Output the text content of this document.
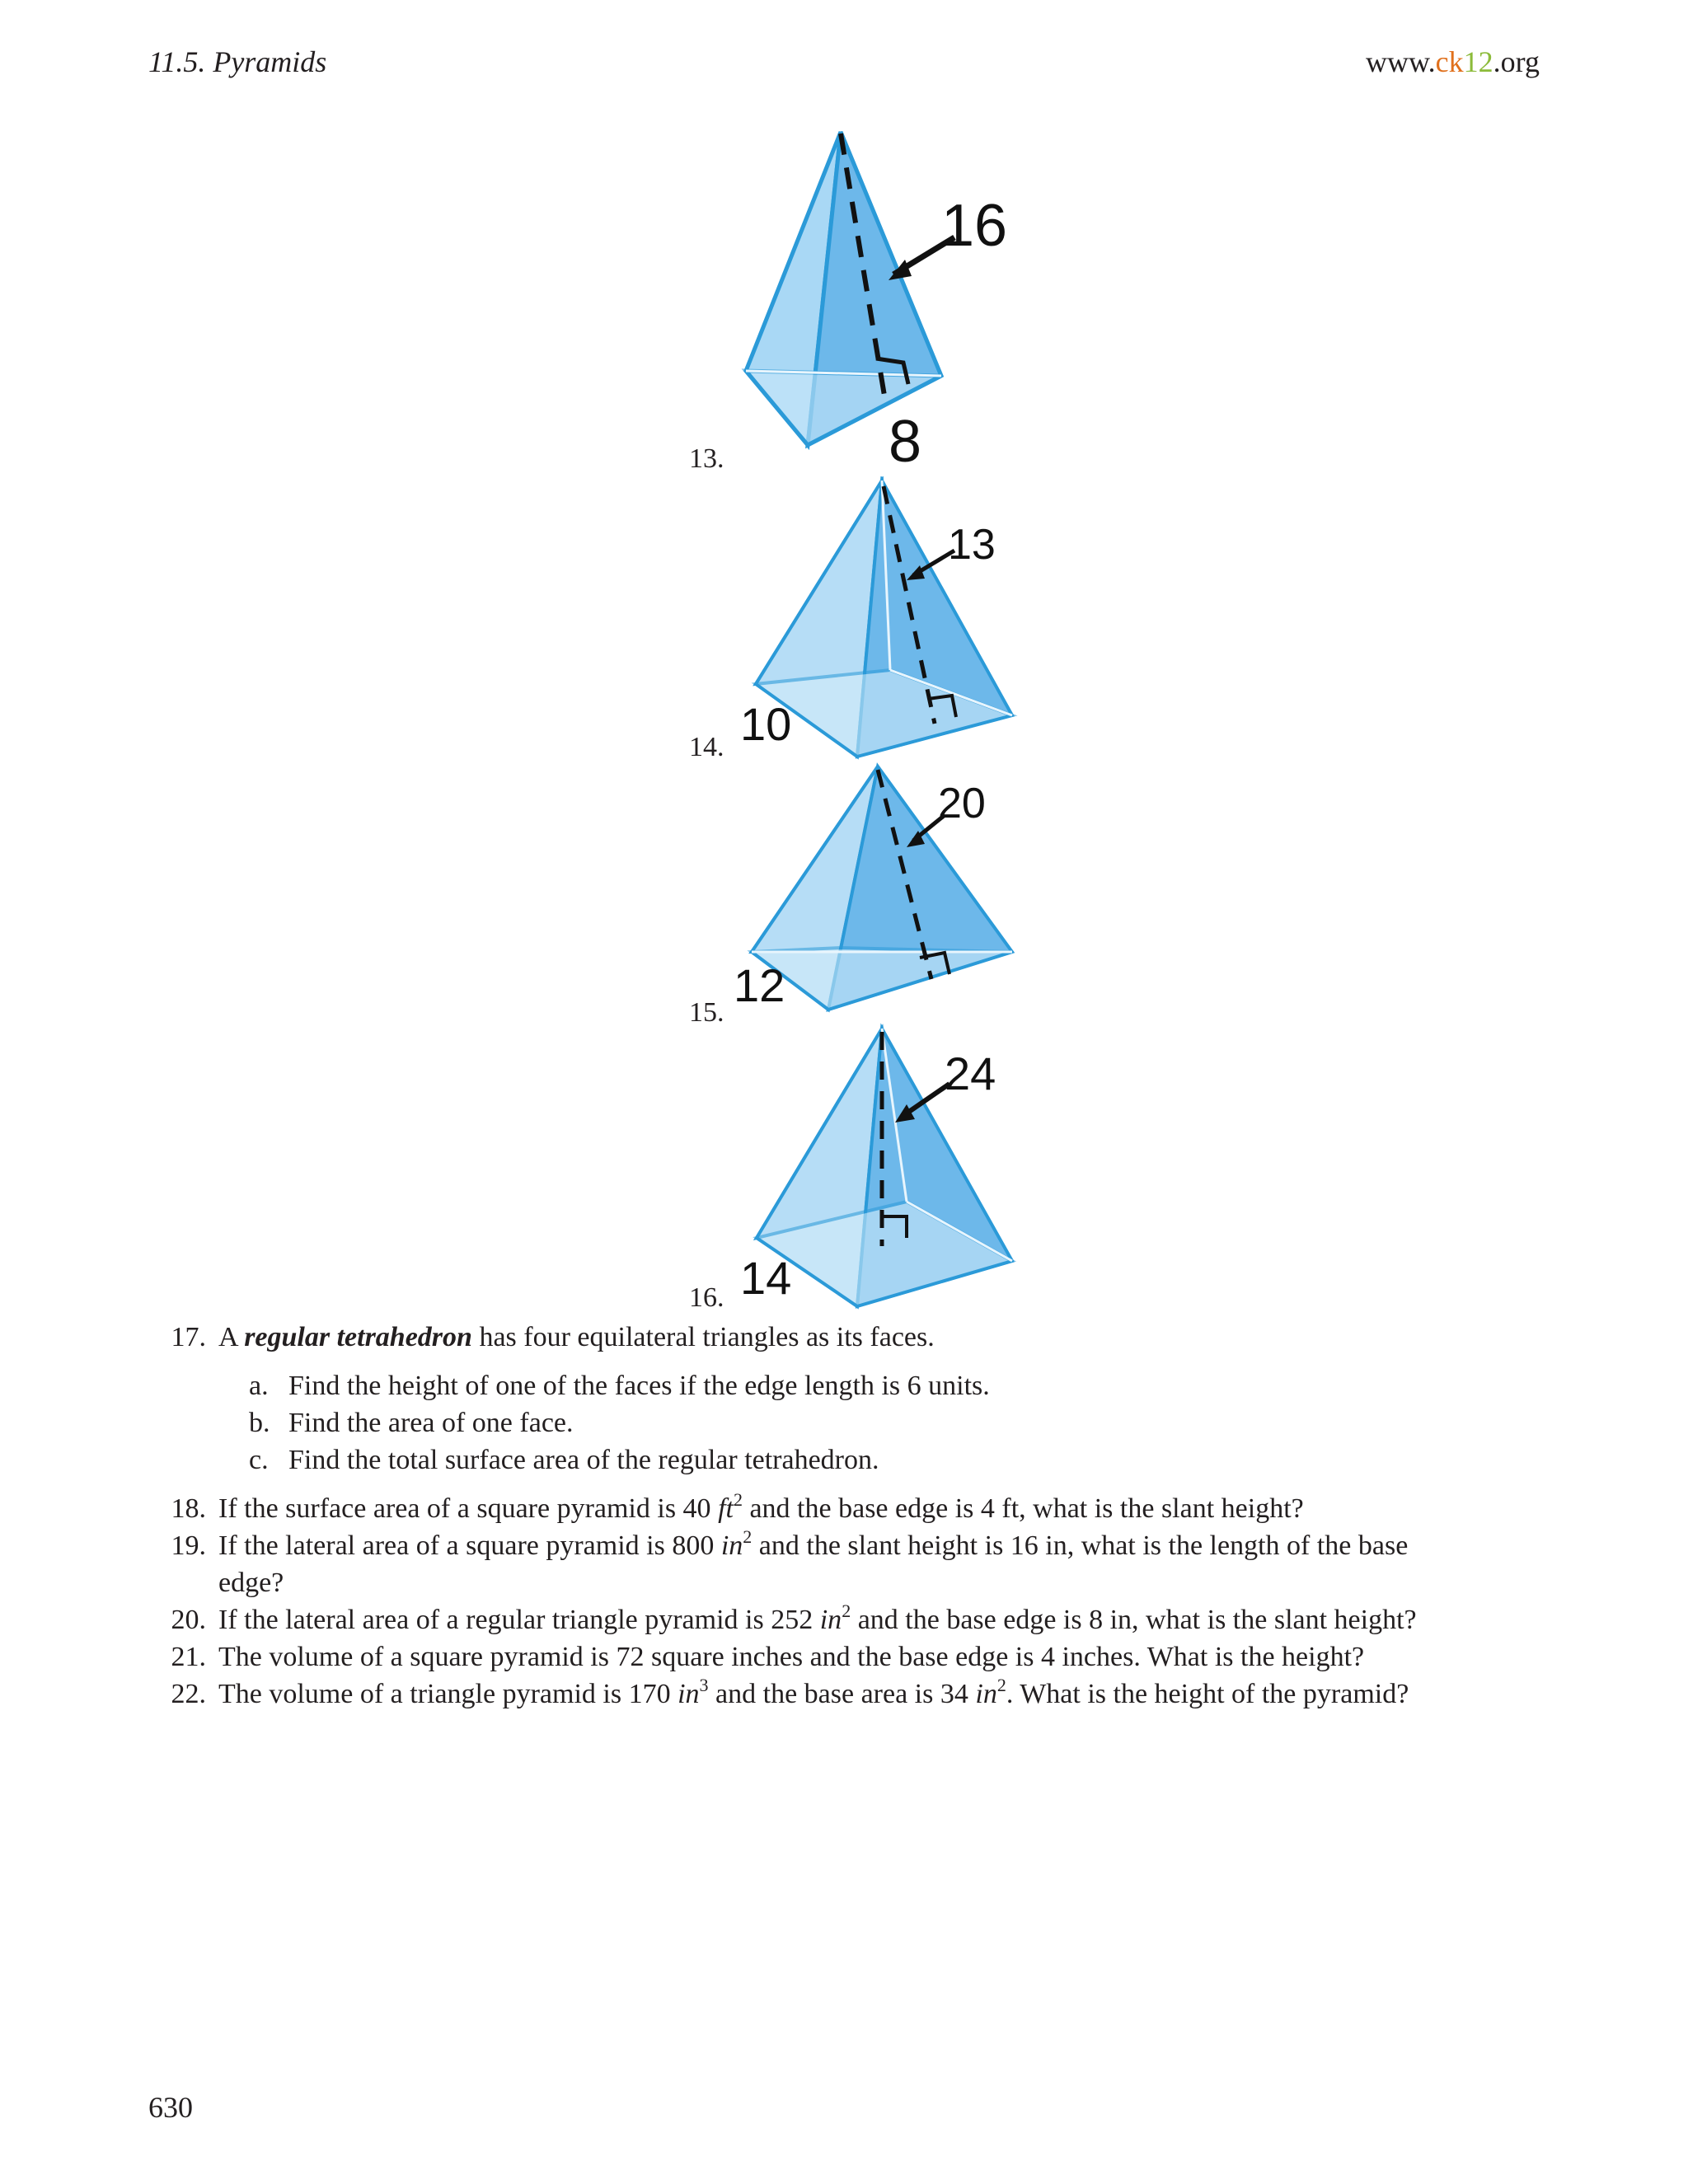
11.5. Pyramids	www.ck12.org
13.
16
8
14.
13
10
15.
20
12
16.
24
14
17. A regular tetrahedron has four equilateral triangles as its faces.
a. Find the height of one of the faces if the edge length is 6 units.
b. Find the area of one face.
c. Find the total surface area of the regular tetrahedron.
18. If the surface area of a square pyramid is 40 $ft^2$ and the base edge is 4 ft, what is the slant height?
19. If the lateral area of a square pyramid is 800 $in^2$ and the slant height is 16 in, what is the length of the base
edge?
20. If the lateral area of a regular triangle pyramid is 252 $in^2$ and the base edge is 8 in, what is the slant height?
21. The volume of a square pyramid is 72 square inches and the base edge is 4 inches. What is the height?
22. The volume of a triangle pyramid is 170 $in^3$ and the base area is 34 $in^2$. What is the height of the pyramid?
630
